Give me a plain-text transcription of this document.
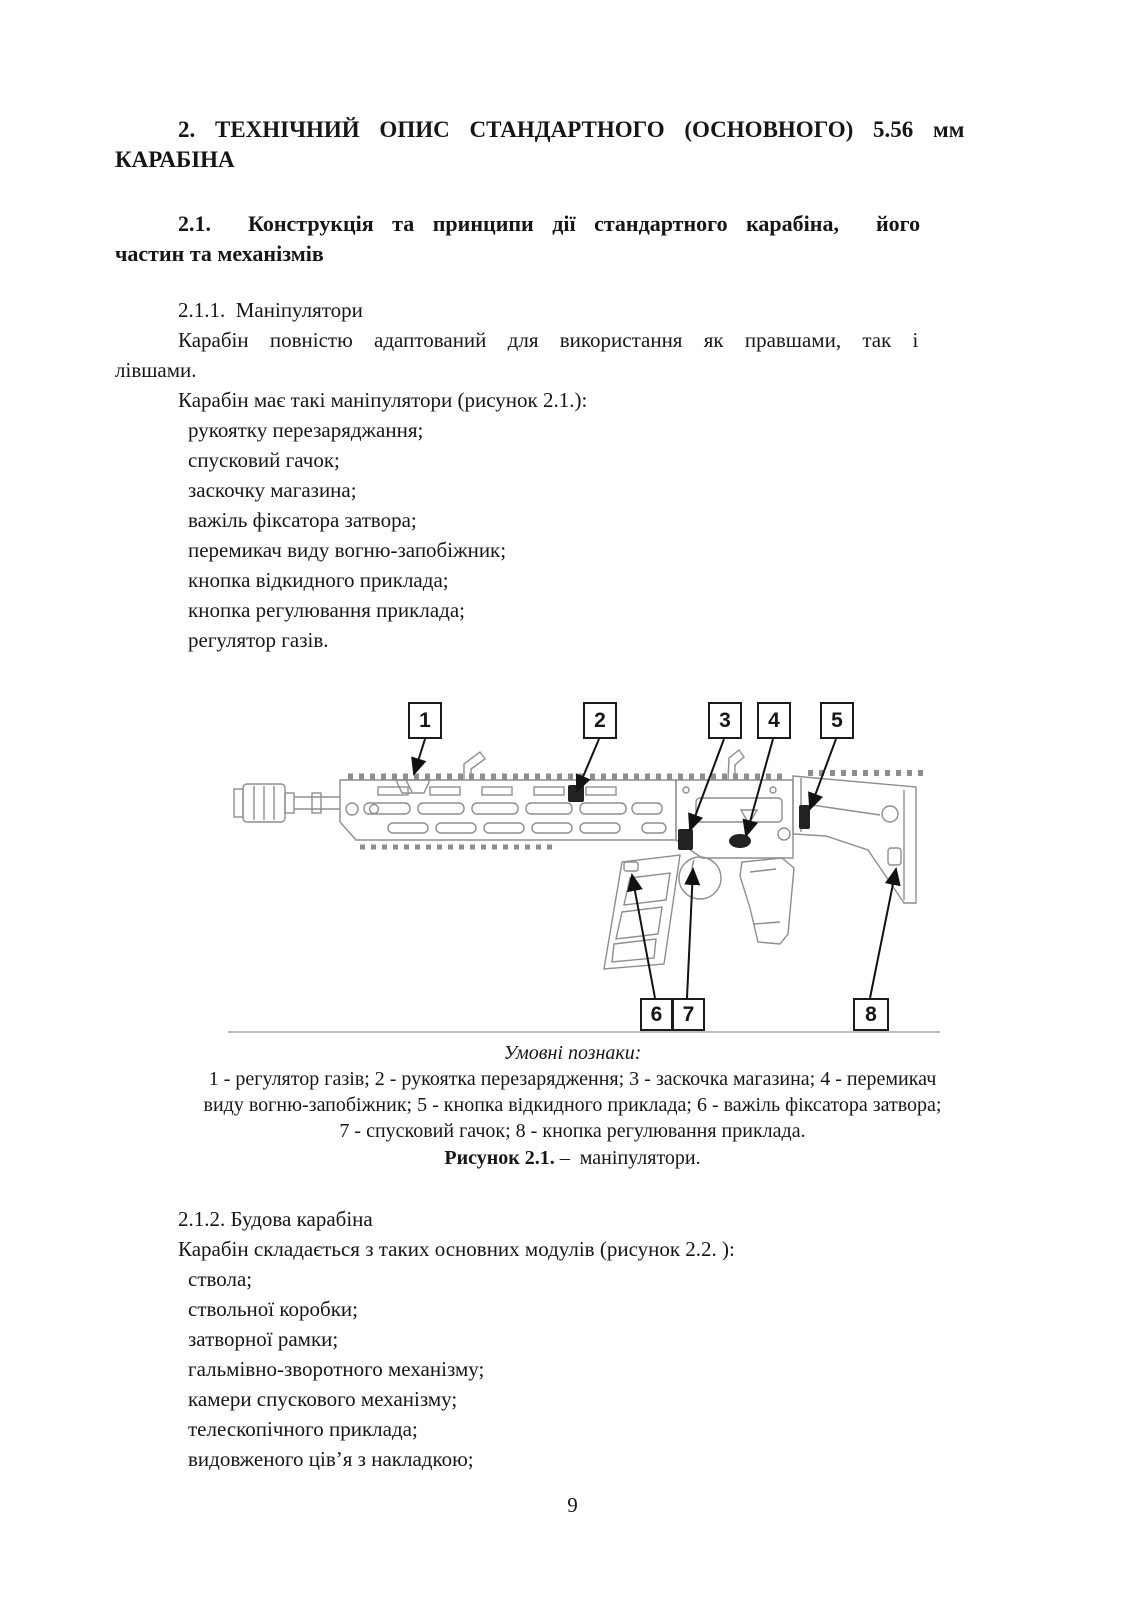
2. ТЕХНІЧНИЙ ОПИС СТАНДАРТНОГО (ОСНОВНОГО) 5.56 мм
КАРАБІНА
2.1.  Конструкція та принципи дії стандартного карабіна,  його
частин та механізмів
2.1.1.  Маніпулятори
Карабін повністю адаптований для використання як правшами, так і
лівшами.
Карабін має такі маніпулятори (рисунок 2.1.):
рукоятку перезаряджання;
спусковий гачок;
заскочку магазина;
важіль фіксатора затвора;
перемикач виду вогню-запобіжник;
кнопка відкидного приклада;
кнопка регулювання приклада;
регулятор газів.
1	2	3	4	5
6 7	8
Умовні познаки:
1 - регулятор газів; 2 - рукоятка перезарядження; 3 - заскочка магазина; 4 - перемикач
виду вогню-запобіжник; 5 - кнопка відкидного приклада; 6 - важіль фіксатора затвора;
7 - спусковий гачок; 8 - кнопка регулювання приклада.
Рисунок 2.1. –  маніпулятори.
2.1.2. Будова карабіна
Карабін складається з таких основних модулів (рисунок 2.2. ):
ствола;
ствольної коробки;
затворної рамки;
гальмівно-зворотного механізму;
камери спускового механізму;
телескопічного приклада;
видовженого ців’я з накладкою;
9
